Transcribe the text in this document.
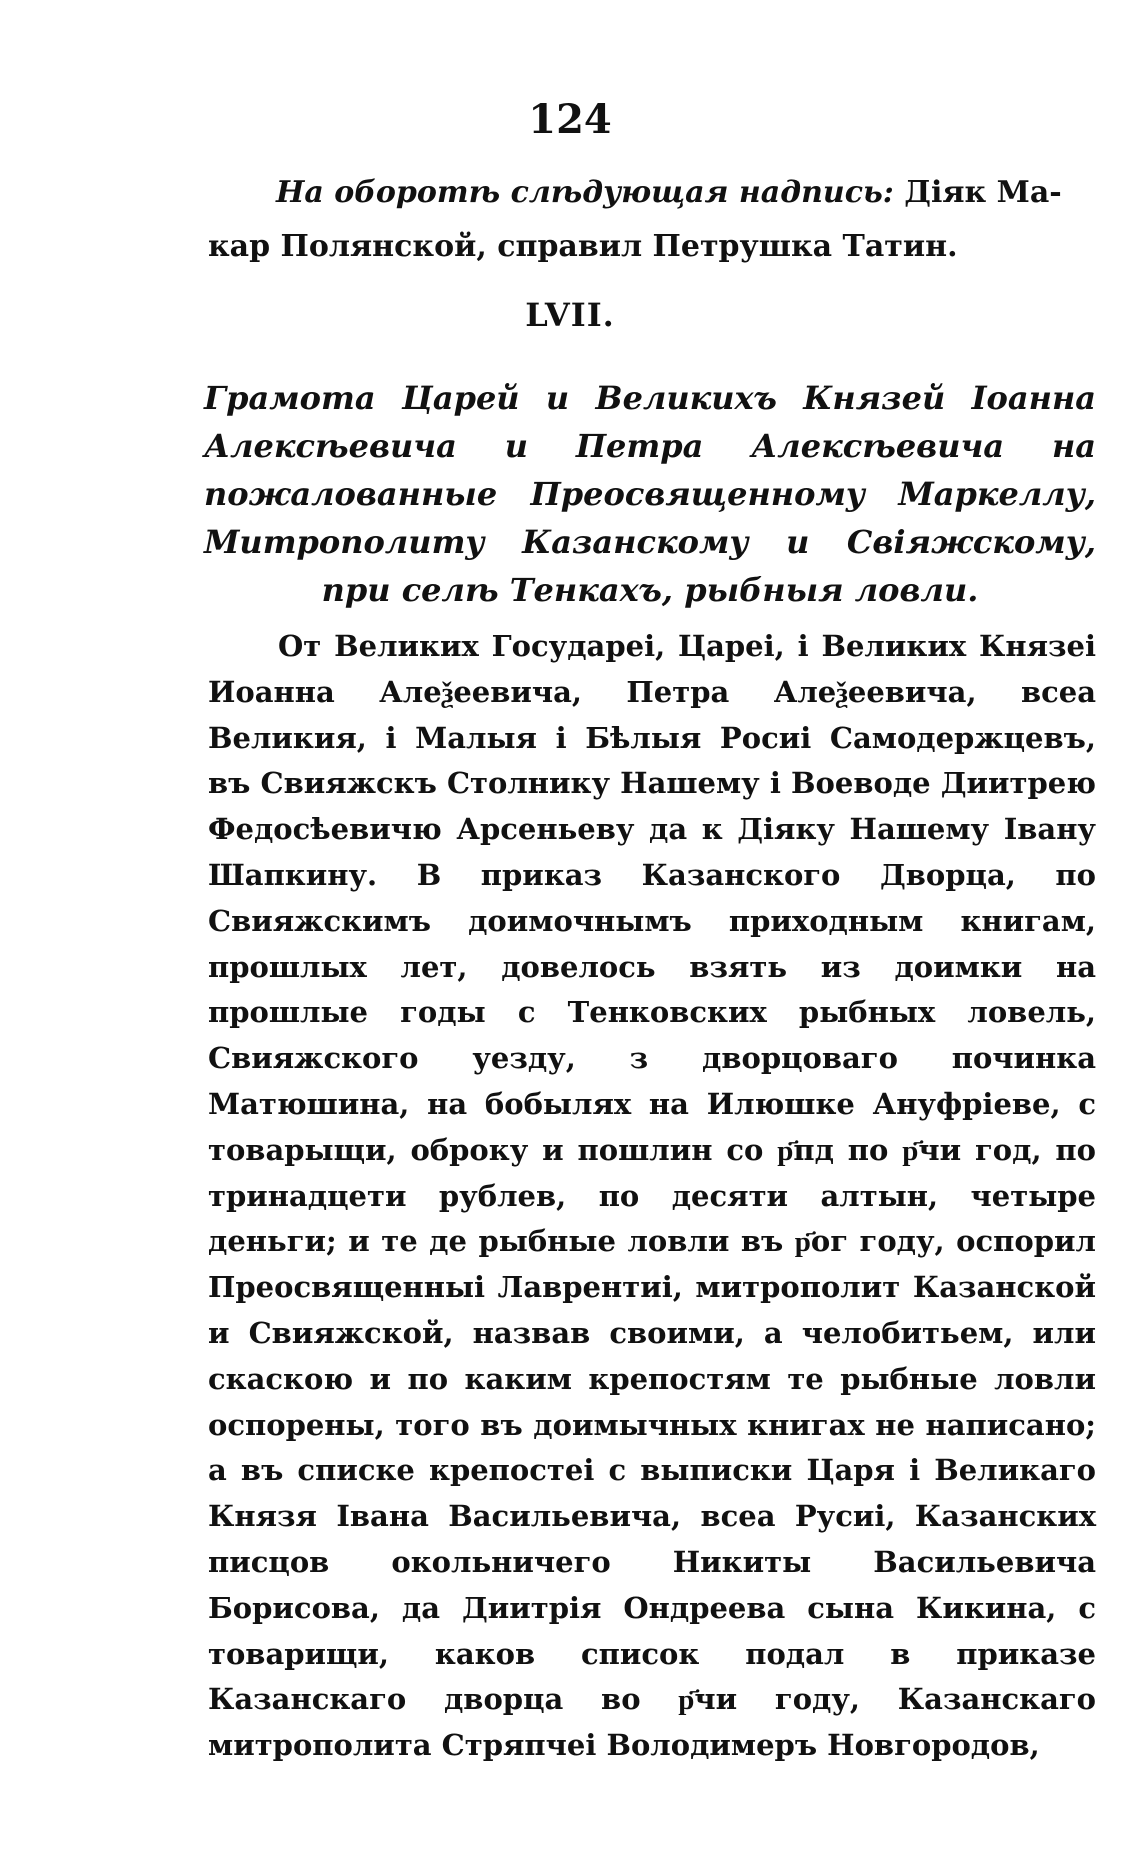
124
На оборотѣ слѣдующая надпись: Діяк Ма-
кар Полянской, справил Петрушка Татин.
LVII.
Грамота Царей и Великихъ Князей Іоанна Алексѣевича и Петра Алексѣевича на пожалованные Преосвященному Маркеллу, Митрополиту Казанскому и Свіяжскому, при селѣ Тенкахъ, рыбныя ловли.
От Великих Государеі, Цареі, і Великих Князеі Иоанна Алеѯеевича, Петра Алеѯеевича, всеа Великия, і Малыя і Бѣлыя Росиі Самодержцевъ, въ Свияжскъ Столнику Нашему і Воеводе Диитрею Федосѣевичю Арсеньеву да к Діяку Нашему Івану Шапкину. В приказ Казанского Дворца, по Свияжскимъ доимочнымъ приходным книгам, прошлых лет, довелось взять из доимки на прошлые годы с Тенковских рыбных ловель, Свияжского уезду, з дворцоваго починка Матюшина, на бобылях на Илюшке Ануфріеве, с товарыщи, оброку и пошлин со р҃пд по р҃чи год, по тринадцети рублев, по десяти алтын, четыре деньги; и те де рыбные ловли въ р҃ог году, оспорил Преосвященныі Лаврентиі, митрополит Казанской и Свияжской, назвав своими, а челобитьем, или скаскою и по каким крепостям те рыбные ловли оспорены, того въ доимычных книгах не написано; а въ списке крепостеі с выписки Царя і Великаго Князя Івана Васильевича, всеа Русиі, Казанских писцов окольничего Никиты Васильевича Борисова, да Диитрія Ондреева сына Кикина, с товарищи, каков список подал в приказе Казанскаго дворца во р҃чи году, Казанскаго митрополита Стряпчеі Володимеръ Новгородов,
